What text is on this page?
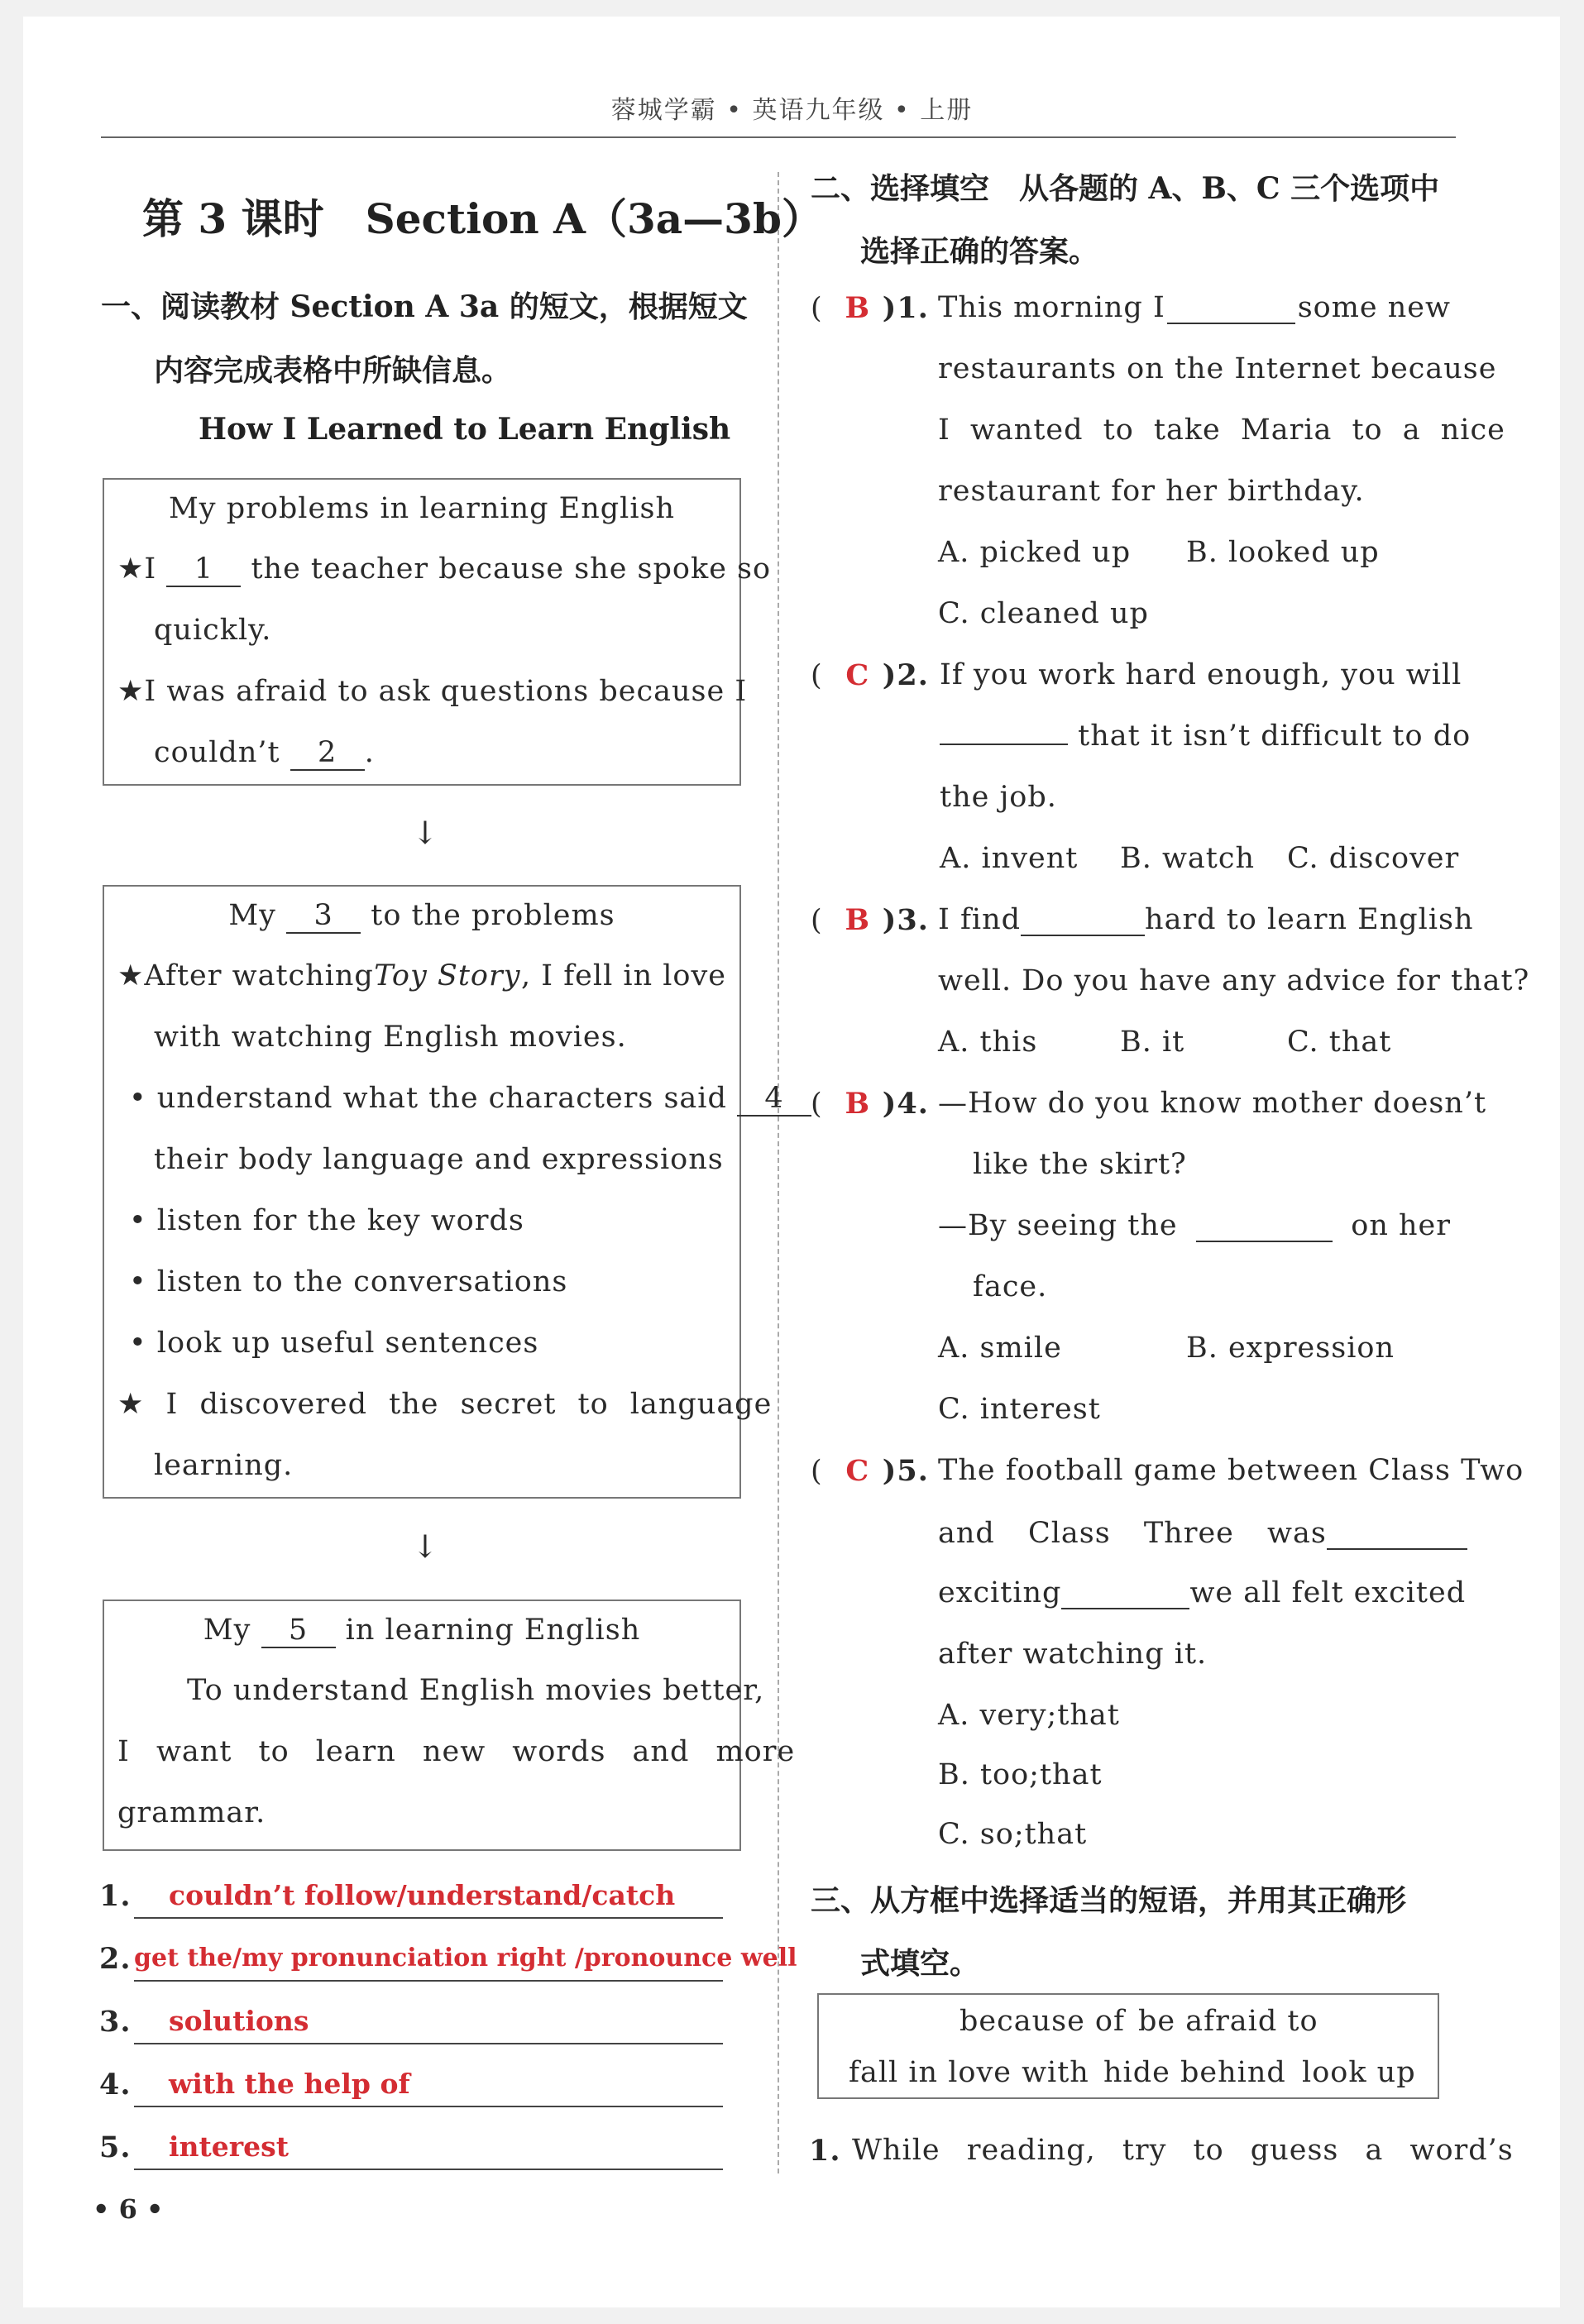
蓉城学霸 • 英语九年级 • 上册
第 3 课时　Section A（3a—3b）
一、阅读教材 Section A 3a 的短文，根据短文
内容完成表格中所缺信息。
How I Learned to Learn English
My problems in learning English
★I 1 the teacher because she spoke so
quickly.
★I was afraid to ask questions because I
couldn’t 2 .
↓
My 3 to the problems
★After watching Toy Story , I fell in love
with watching English movies.
• understand what the characters said 4
their body language and expressions
• listen for the key words
• listen to the conversations
• look up useful sentences
★ I discovered the secret to language
learning.
↓
My 5 in learning English
To understand English movies better,
I want to learn new words and more
grammar.
1. couldn’t follow/understand/catch
2. get the/my pronunciation right /pronounce well
3. solutions
4. with the help of
5. interest
• 6 •
二、选择填空　从各题的 A、B、C 三个选项中
选择正确的答案。
( B )1. This morning I	some new
restaurants on the Internet because
I wanted to take Maria to a nice
restaurant for her birthday.
A. picked up B. looked up
C. cleaned up
( C )2. If you work hard enough, you will
that it isn’t difficult to do
the job.
A. invent B. watch C. discover
( B )3. I find	hard to learn English
well. Do you have any advice for that?
A. this	B. it	C. that
( B )4. —How do you know mother doesn’t
like the skirt?
—By seeing the	on her
face.
A. smile	B. expression
C. interest
( C )5. The football game between Class Two
and Class Three was
exciting	we all felt excited
after watching it.
A. very;that
B. too;that
C. so;that
三、从方框中选择适当的短语，并用其正确形
式填空。
because of be afraid to
fall in love with hide behind look up
1. While reading, try to guess a word’s
